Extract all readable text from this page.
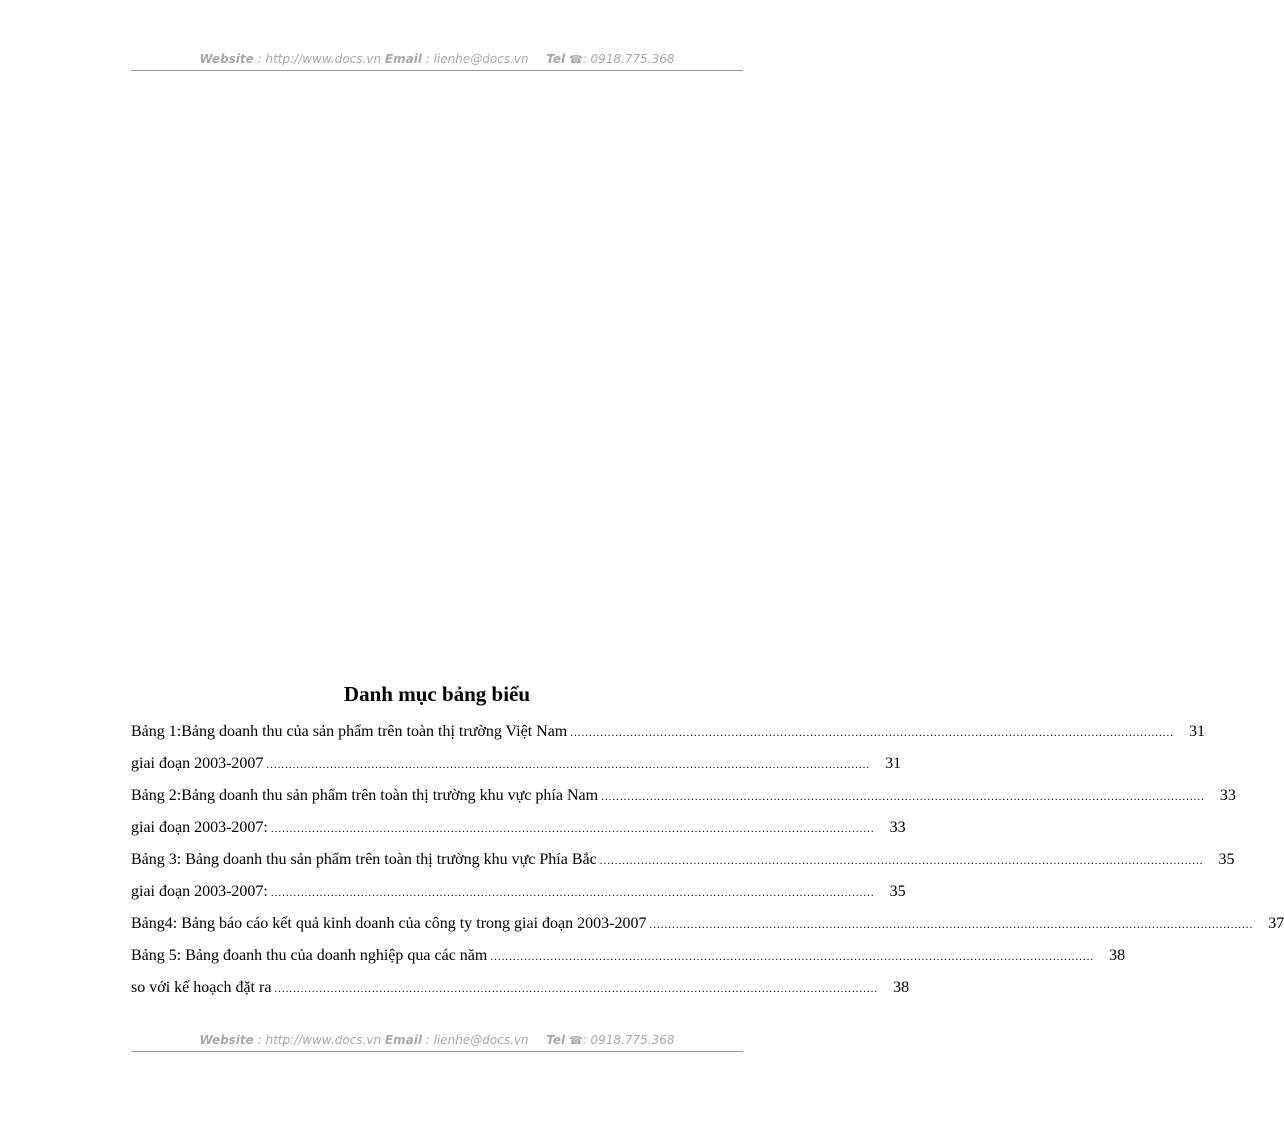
Website : http://www.docs.vn Email : lienhe@docs.vn Tel ☎: 0918.775.368
Danh mục bảng biểu
Bảng 1:Bảng doanh thu của sản phẩm trên toàn thị trường Việt Nam ................................................................................................................................................................. 31
giai đoạn 2003-2007 ................................................................................................................................................................. 31
Bảng 2:Bảng doanh thu sản phẩm trên toàn thị trường khu vực phía Nam ................................................................................................................................................................. 33
giai đoạn 2003-2007: ................................................................................................................................................................. 33
Bảng 3: Bảng doanh thu sản phẩm trên toàn thị trường khu vực Phía Bắc ................................................................................................................................................................. 35
giai đoạn 2003-2007: ................................................................................................................................................................. 35
Bảng4: Bảng báo cáo kết quả kinh doanh của công ty trong giai đoạn 2003-2007 ................................................................................................................................................................. 37
Bảng 5: Bảng đoanh thu của doanh nghiệp qua các năm ................................................................................................................................................................. 38
so với kế hoạch đặt ra ................................................................................................................................................................. 38
Website : http://www.docs.vn Email : lienhe@docs.vn Tel ☎: 0918.775.368
